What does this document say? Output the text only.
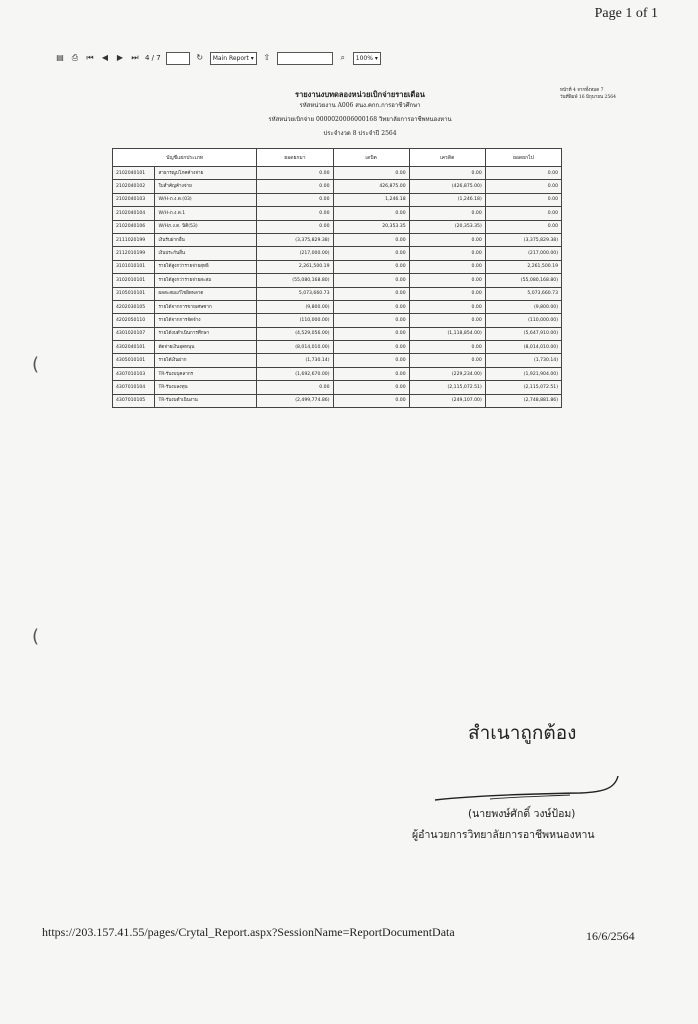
Page 1 of 1
▤ ⎙ ⏮ ◀ ▶ ⏭ 4 / 7	↻ Main Report ▾	⇧	⌕	100% ▾
รายงานงบทดลองหน่วยเบิกจ่ายรายเดือน
รหัสหน่วยงาน A006 สนง.คกก.การอาชีวศึกษา
รหัสหน่วยเบิกจ่าย 0000020006000168 วิทยาลัยการอาชีพหนองหาน
ประจำงวด 8 ประจำปี 2564
หน้าที่ 4 จากทั้งหมด 7
วันที่พิมพ์ 16 มิถุนายน 2564
บัญชีแยกประเภท		ยอดยกมา	เดบิต	เครดิต	ยอดยกไป
2102040101	สาธารณูปโภคค้างจ่าย	0.00	0.00	0.00	0.00
2102040102	ใบสำคัญค้างจ่าย	0.00	426,875.00	(426,875.00)	0.00
2102040103	W/H-ภ.ง.ด.(03)	0.00	1,246.18	(1,246.18)	0.00
2102040104	W/H-ภ.ง.ด.1	0.00	0.00	0.00	0.00
2102040106	W/Hภ.ง.ด. นิติ(53)	0.00	20,353.35	(20,353.35)	0.00
2111020199	เงินรับฝากอื่น	(3,375,829.38)	0.00	0.00	(3,375,829.38)
2112010199	เงินประกันอื่น	(217,000.00)	0.00	0.00	(217,000.00)
3101010101	รายได้สูงกว่ารายจ่ายสุทธิ	2,261,500.19	0.00	0.00	2,261,500.19
3102010101	รายได้สูงกว่ารายจ่ายสะสม	(55,080,168.80)	0.00	0.00	(55,080,168.80)
3105010101	ผลสะสมแก้ไขผิดพลาด	5,073,660.73	0.00	0.00	5,073,660.73
4202030105	รายได้จากการขายเศษซาก	(9,800.00)	0.00	0.00	(9,800.00)
4202050110	รายได้จากการจัดจ้าง	(110,000.00)	0.00	0.00	(110,000.00)
4301020107	รายได้งบดำเนินการศึกษา	(4,529,056.00)	0.00	(1,118,854.00)	(5,647,910.00)
4302040101	ตัดจ่ายเงินอุดหนุน	(8,014,010.00)	0.00	0.00	(8,014,010.00)
4305010101	รายได้เงินฝาก	(1,730.14)	0.00	0.00	(1,730.14)
4307010103	TR-รับงบบุคลากร	(1,692,670.00)	0.00	(229,234.00)	(1,921,904.00)
4307010104	TR-รับงบลงทุน	0.00	0.00	(2,115,072.51)	(2,115,072.51)
4307010105	TR-รับงบดำเนินงาน	(2,499,774.86)	0.00	(249,107.00)	(2,748,881.86)
(
(
สำเนาถูกต้อง
(นายพงษ์ศักดิ์ วงษ์ป้อม)
ผู้อำนวยการวิทยาลัยการอาชีพหนองหาน
https://203.157.41.55/pages/Crytal_Report.aspx?SessionName=ReportDocumentData	16/6/2564
